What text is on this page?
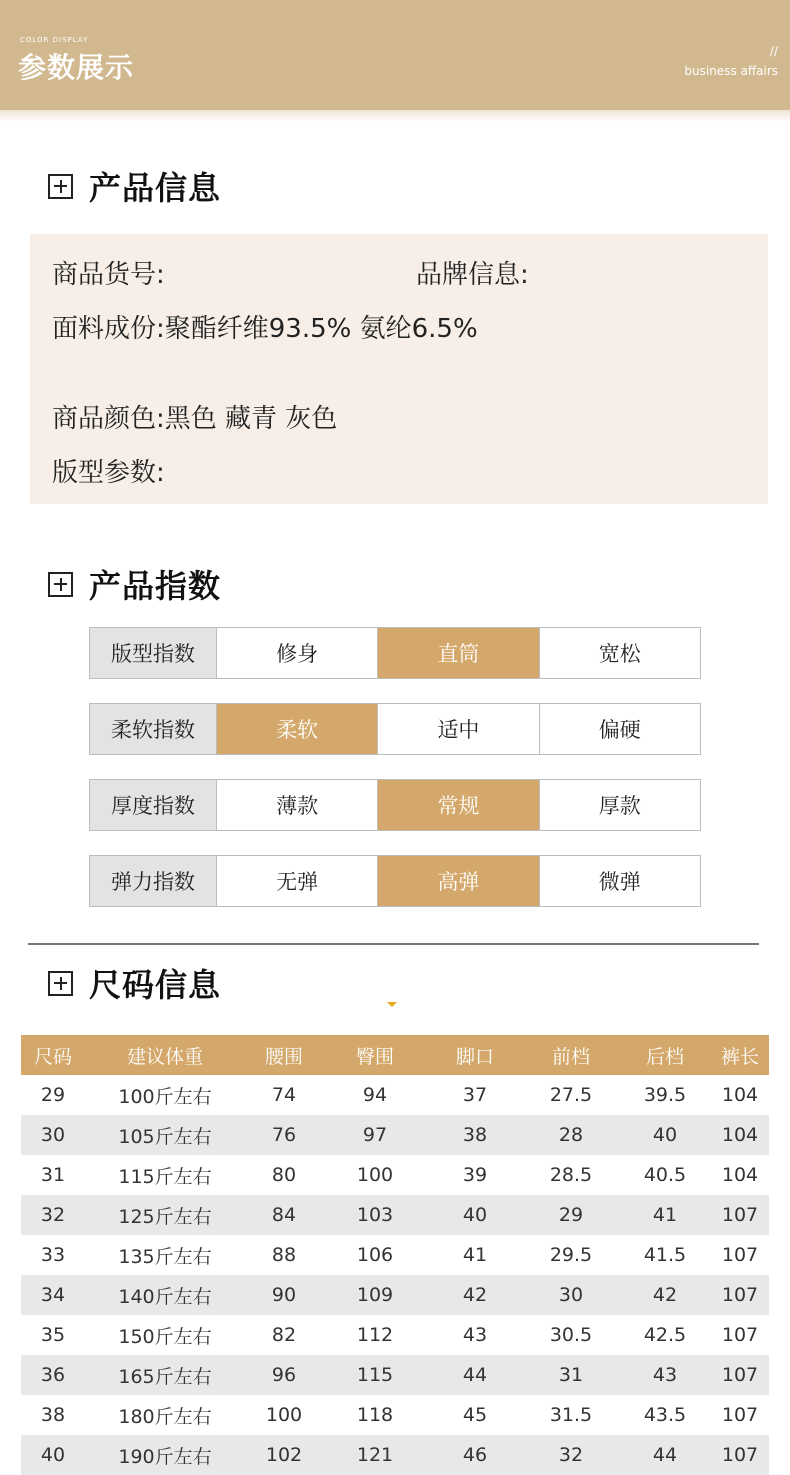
COLOR DISPLAY
参数展示	//
business affairs
产品信息
商品货号:	品牌信息:
面料成份:聚酯纤维93.5% 氨纶6.5%
商品颜色:黑色 藏青 灰色
版型参数:
产品指数
版型指数	修身	直筒	宽松
柔软指数	柔软	适中	偏硬
厚度指数	薄款	常规	厚款
弹力指数	无弹	高弹	微弹
尺码信息
尺码	建议体重	腰围	臀围	脚口	前档	后档	裤长
29	100斤左右	74	94	37	27.5	39.5	104
30	105斤左右	76	97	38	28	40	104
31	115斤左右	80	100	39	28.5	40.5	104
32	125斤左右	84	103	40	29	41	107
33	135斤左右	88	106	41	29.5	41.5	107
34	140斤左右	90	109	42	30	42	107
35	150斤左右	82	112	43	30.5	42.5	107
36	165斤左右	96	115	44	31	43	107
38	180斤左右	100	118	45	31.5	43.5	107
40	190斤左右	102	121	46	32	44	107
